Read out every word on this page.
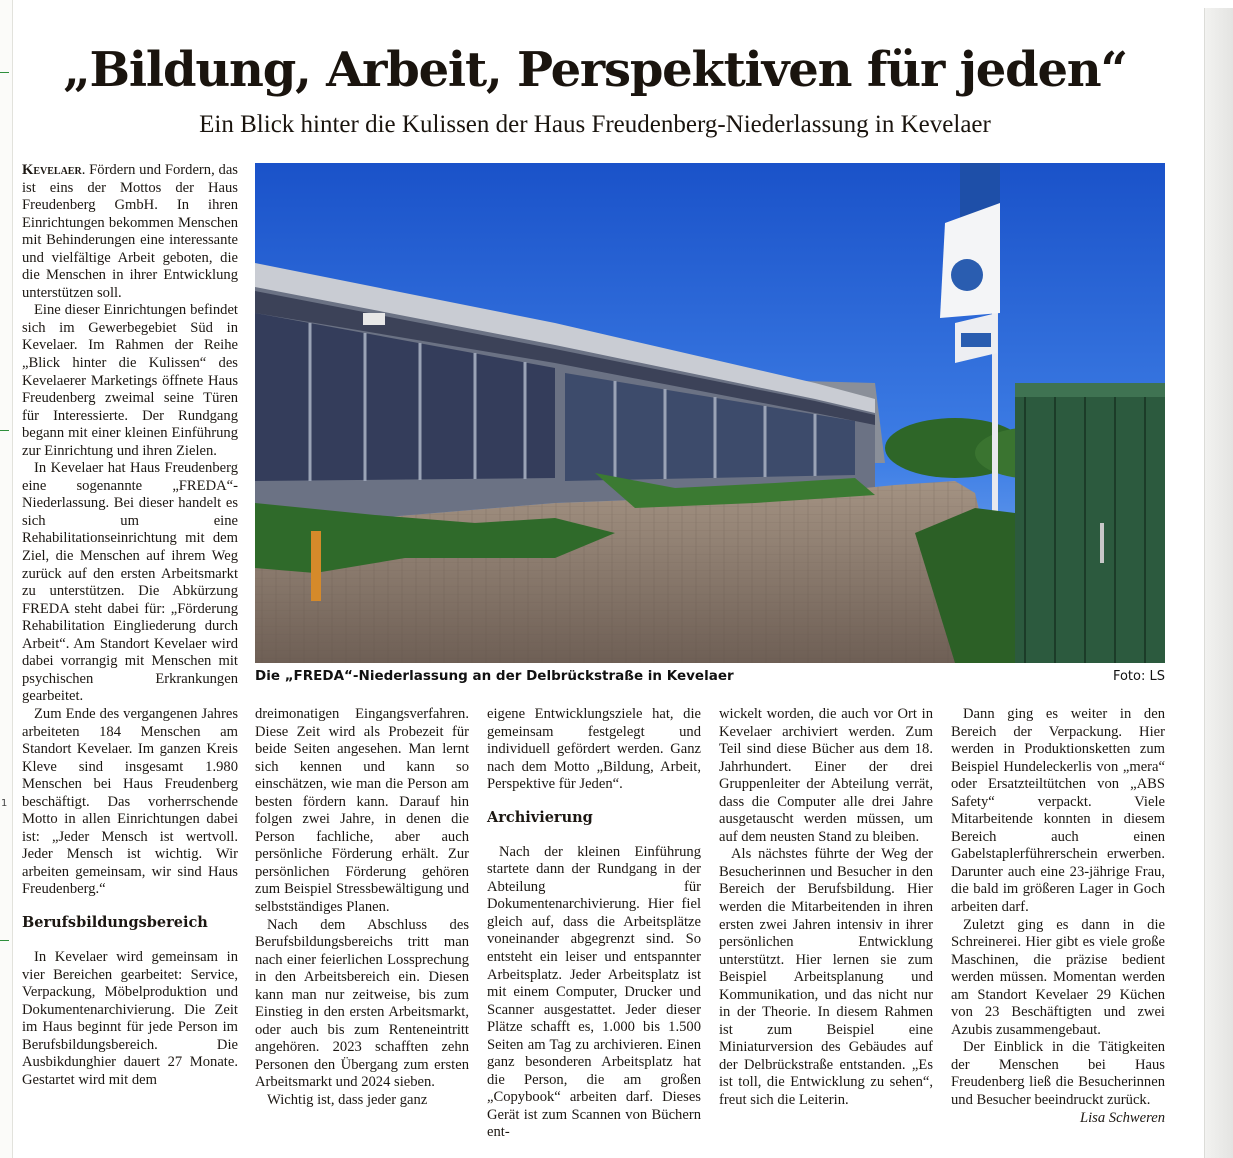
1
„Bildung, Arbeit, Perspektiven für jeden“
Ein Blick hinter die Kulissen der Haus Freudenberg-Niederlassung in Kevelaer

Kevelaer. Fördern und Fordern, das ist eins der Mottos der Haus Freudenberg GmbH. In ihren Einrichtungen bekommen Menschen mit Behinderungen eine interessante und vielfältige Arbeit geboten, die die Menschen in ihrer Entwicklung unterstützen soll.

Eine dieser Einrichtungen befindet sich im Gewerbegebiet Süd in Kevelaer. Im Rahmen der Reihe „Blick hinter die Kulissen“ des Kevelaerer Marketings öffnete Haus Freudenberg zweimal seine Türen für Interessierte. Der Rundgang begann mit einer kleinen Einführung zur Einrichtung und ihren Zielen.

In Kevelaer hat Haus Freudenberg eine sogenannte „FREDA“-Niederlassung. Bei dieser handelt es sich um eine Rehabilitationseinrichtung mit dem Ziel, die Menschen auf ihrem Weg zurück auf den ersten Arbeitsmarkt zu unterstützen. Die Abkürzung FREDA steht dabei für: „Förderung Rehabilitation Eingliederung durch Arbeit“. Am Standort Kevelaer wird dabei vorrangig mit Menschen mit psychischen Erkrankungen gearbeitet.

Zum Ende des vergangenen Jahres arbeiteten 184 Menschen am Standort Kevelaer. Im ganzen Kreis Kleve sind insgesamt 1.980 Menschen bei Haus Freudenberg beschäftigt. Das vorherrschende Motto in allen Einrichtungen dabei ist: „Jeder Mensch ist wertvoll. Jeder Mensch ist wichtig. Wir arbeiten gemeinsam, wir sind Haus Freudenberg.“

Berufsbildungsbereich

In Kevelaer wird gemeinsam in vier Bereichen gearbeitet: Service, Verpackung, Möbelproduktion und Dokumentenarchivierung. Die Zeit im Haus beginnt für jede Person im Berufsbildungsbereich. Die Ausbikdunghier dauert 27 Monate. Gestartet wird mit dem

Die „FREDA“-Niederlassung an der Delbrückstraße in Kevelaer	Foto: LS

dreimonatigen Eingangsverfahren. Diese Zeit wird als Probezeit für beide Seiten angesehen. Man lernt sich kennen und kann so einschätzen, wie man die Person am besten fördern kann. Darauf hin folgen zwei Jahre, in denen die Person fachliche, aber auch persönliche Förderung erhält. Zur persönlichen Förderung gehören zum Beispiel Stressbewältigung und selbstständiges Planen.

Nach dem Abschluss des Berufsbildungsbereichs tritt man nach einer feierlichen Lossprechung in den Arbeitsbereich ein. Diesen kann man nur zeitweise, bis zum Einstieg in den ersten Arbeitsmarkt, oder auch bis zum Renteneintritt angehören. 2023 schafften zehn Personen den Übergang zum ersten Arbeitsmarkt und 2024 sieben.

Wichtig ist, dass jeder ganz

eigene Entwicklungsziele hat, die gemeinsam festgelegt und individuell gefördert werden. Ganz nach dem Motto „Bildung, Arbeit, Perspektive für Jeden“.

Archivierung

Nach der kleinen Einführung startete dann der Rundgang in der Abteilung für Dokumentenarchivierung. Hier fiel gleich auf, dass die Arbeitsplätze voneinander abgegrenzt sind. So entsteht ein leiser und entspannter Arbeitsplatz. Jeder Arbeitsplatz ist mit einem Computer, Drucker und Scanner ausgestattet. Jeder dieser Plätze schafft es, 1.000 bis 1.500 Seiten am Tag zu archivieren. Einen ganz besonderen Arbeitsplatz hat die Person, die am großen „Copybook“ arbeiten darf. Dieses Gerät ist zum Scannen von Büchern ent-

wickelt worden, die auch vor Ort in Kevelaer archiviert werden. Zum Teil sind diese Bücher aus dem 18. Jahrhundert. Einer der drei Gruppenleiter der Abteilung verrät, dass die Computer alle drei Jahre ausgetauscht werden müssen, um auf dem neusten Stand zu bleiben.

Als nächstes führte der Weg der Besucherinnen und Besucher in den Bereich der Berufsbildung. Hier werden die Mitarbeitenden in ihren ersten zwei Jahren intensiv in ihrer persönlichen Entwicklung unterstützt. Hier lernen sie zum Beispiel Arbeitsplanung und Kommunikation, und das nicht nur in der Theorie. In diesem Rahmen ist zum Beispiel eine Miniaturversion des Gebäudes auf der Delbrückstraße entstanden. „Es ist toll, die Entwicklung zu sehen“, freut sich die Leiterin.

Dann ging es weiter in den Bereich der Verpackung. Hier werden in Produktionsketten zum Beispiel Hundeleckerlis von „mera“ oder Ersatzteiltütchen von „ABS Safety“ verpackt. Viele Mitarbeitende konnten in diesem Bereich auch einen Gabelstaplerführerschein erwerben. Darunter auch eine 23-jährige Frau, die bald im größeren Lager in Goch arbeiten darf.

Zuletzt ging es dann in die Schreinerei. Hier gibt es viele große Maschinen, die präzise bedient werden müssen. Momentan werden am Standort Kevelaer 29 Küchen von 23 Beschäftigten und zwei Azubis zusammengebaut.

Der Einblick in die Tätigkeiten der Menschen bei Haus Freudenberg ließ die Besucherinnen und Besucher beeindruckt zurück.

Lisa Schweren
